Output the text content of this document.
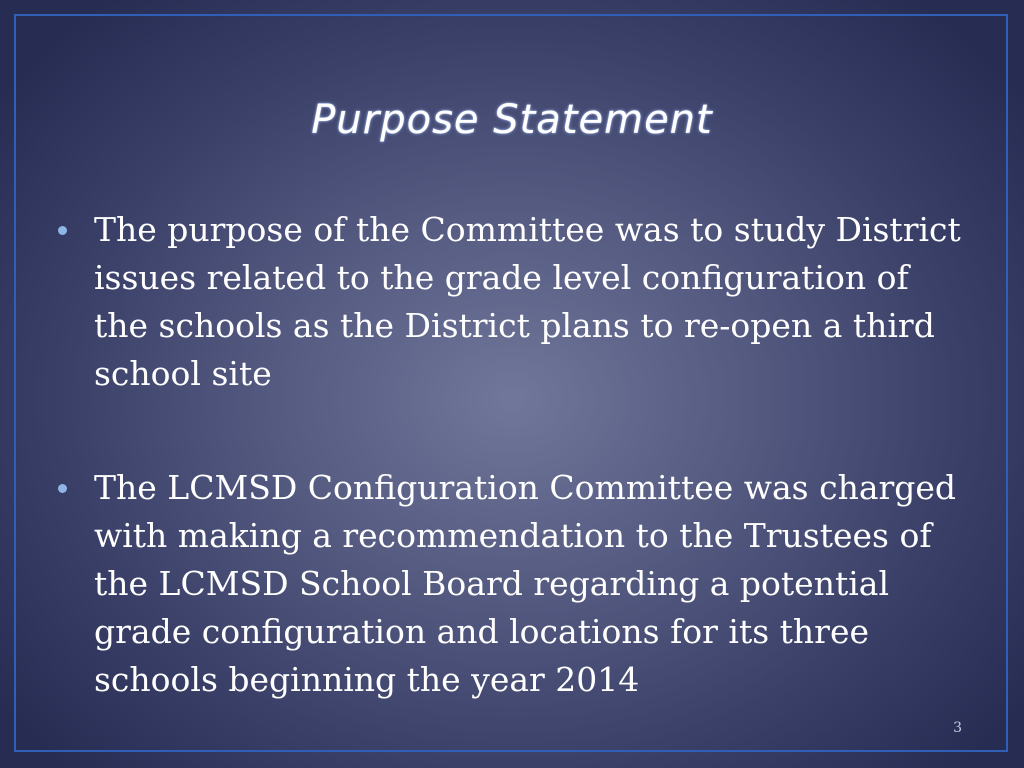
Purpose Statement
The purpose of the Committee was to study District issues related to the grade level configuration of the schools as the District plans to re-open a third school site
The LCMSD Configuration Committee was charged with making a recommendation to the Trustees of the LCMSD School Board regarding a potential grade configuration and locations for its three schools beginning the year 2014
3
